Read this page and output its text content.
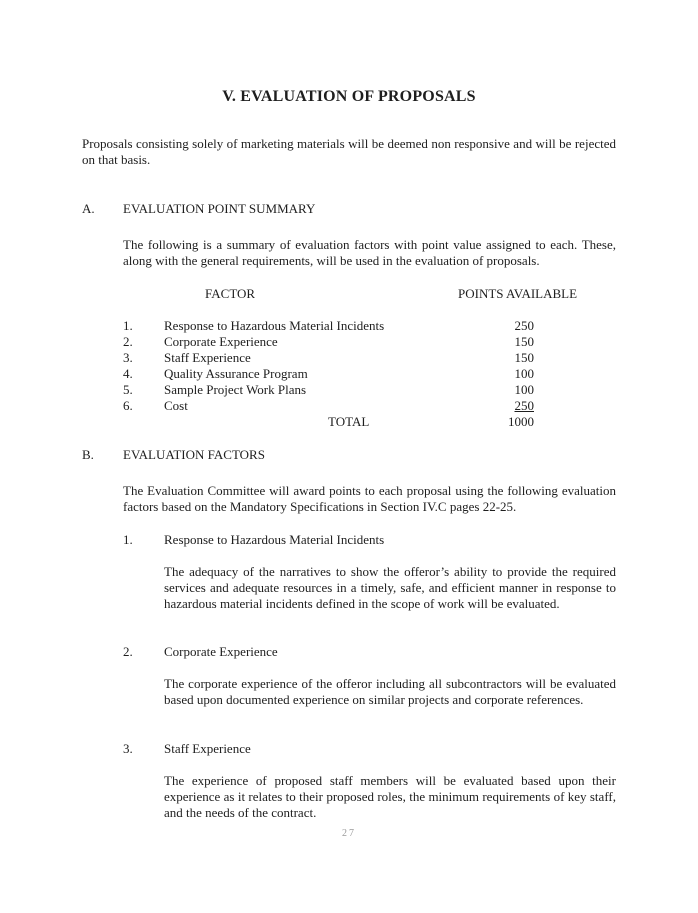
V. EVALUATION OF PROPOSALS
Proposals consisting solely of marketing materials will be deemed non responsive and will be rejected on that basis.
A. EVALUATION POINT SUMMARY
The following is a summary of evaluation factors with point value assigned to each. These, along with the general requirements, will be used in the evaluation of proposals.
FACTOR	POINTS AVAILABLE
1. Response to Hazardous Material Incidents	250
2. Corporate Experience	150
3. Staff Experience	150
4. Quality Assurance Program	100
5. Sample Project Work Plans	100
6. Cost	250
TOTAL	1000
B. EVALUATION FACTORS
The Evaluation Committee will award points to each proposal using the following evaluation factors based on the Mandatory Specifications in Section IV.C pages 22-25.
1. Response to Hazardous Material Incidents
The adequacy of the narratives to show the offeror’s ability to provide the required services and adequate resources in a timely, safe, and efficient manner in response to hazardous material incidents defined in the scope of work will be evaluated.
2. Corporate Experience
The corporate experience of the offeror including all subcontractors will be evaluated based upon documented experience on similar projects and corporate references.
3. Staff Experience
The experience of proposed staff members will be evaluated based upon their experience as it relates to their proposed roles, the minimum requirements of key staff, and the needs of the contract.
27
